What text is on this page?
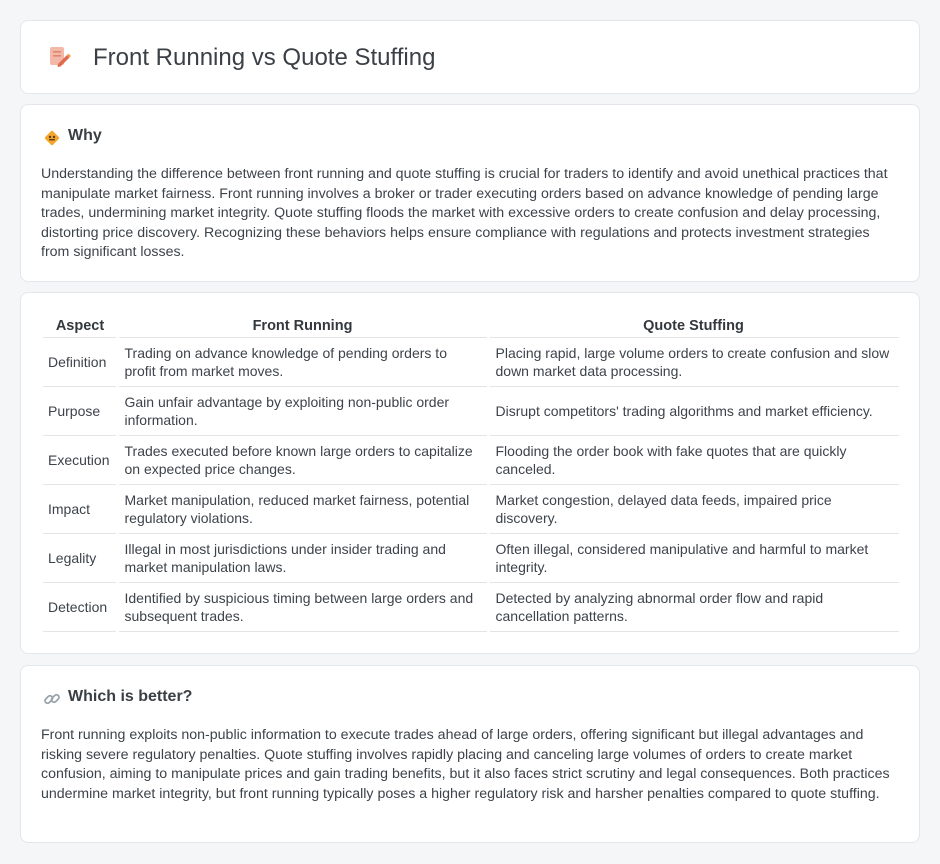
Front Running vs Quote Stuffing
Why

Understanding the difference between front running and quote stuffing is crucial for traders to identify and avoid unethical practices that manipulate market fairness. Front running involves a broker or trader executing orders based on advance knowledge of pending large trades, undermining market integrity. Quote stuffing floods the market with excessive orders to create confusion and delay processing, distorting price discovery. Recognizing these behaviors helps ensure compliance with regulations and protects investment strategies from significant losses.

Aspect	Front Running	Quote Stuffing
Definition	Trading on advance knowledge of pending orders to profit from market moves.	Placing rapid, large volume orders to create confusion and slow down market data processing.
Purpose	Gain unfair advantage by exploiting non-public order information.	Disrupt competitors' trading algorithms and market efficiency.
Execution	Trades executed before known large orders to capitalize on expected price changes.	Flooding the order book with fake quotes that are quickly canceled.
Impact	Market manipulation, reduced market fairness, potential regulatory violations.	Market congestion, delayed data feeds, impaired price discovery.
Legality	Illegal in most jurisdictions under insider trading and market manipulation laws.	Often illegal, considered manipulative and harmful to market integrity.
Detection	Identified by suspicious timing between large orders and subsequent trades.	Detected by analyzing abnormal order flow and rapid cancellation patterns.
Which is better?

Front running exploits non-public information to execute trades ahead of large orders, offering significant but illegal advantages and risking severe regulatory penalties. Quote stuffing involves rapidly placing and canceling large volumes of orders to create market confusion, aiming to manipulate prices and gain trading benefits, but it also faces strict scrutiny and legal consequences. Both practices undermine market integrity, but front running typically poses a higher regulatory risk and harsher penalties compared to quote stuffing.
